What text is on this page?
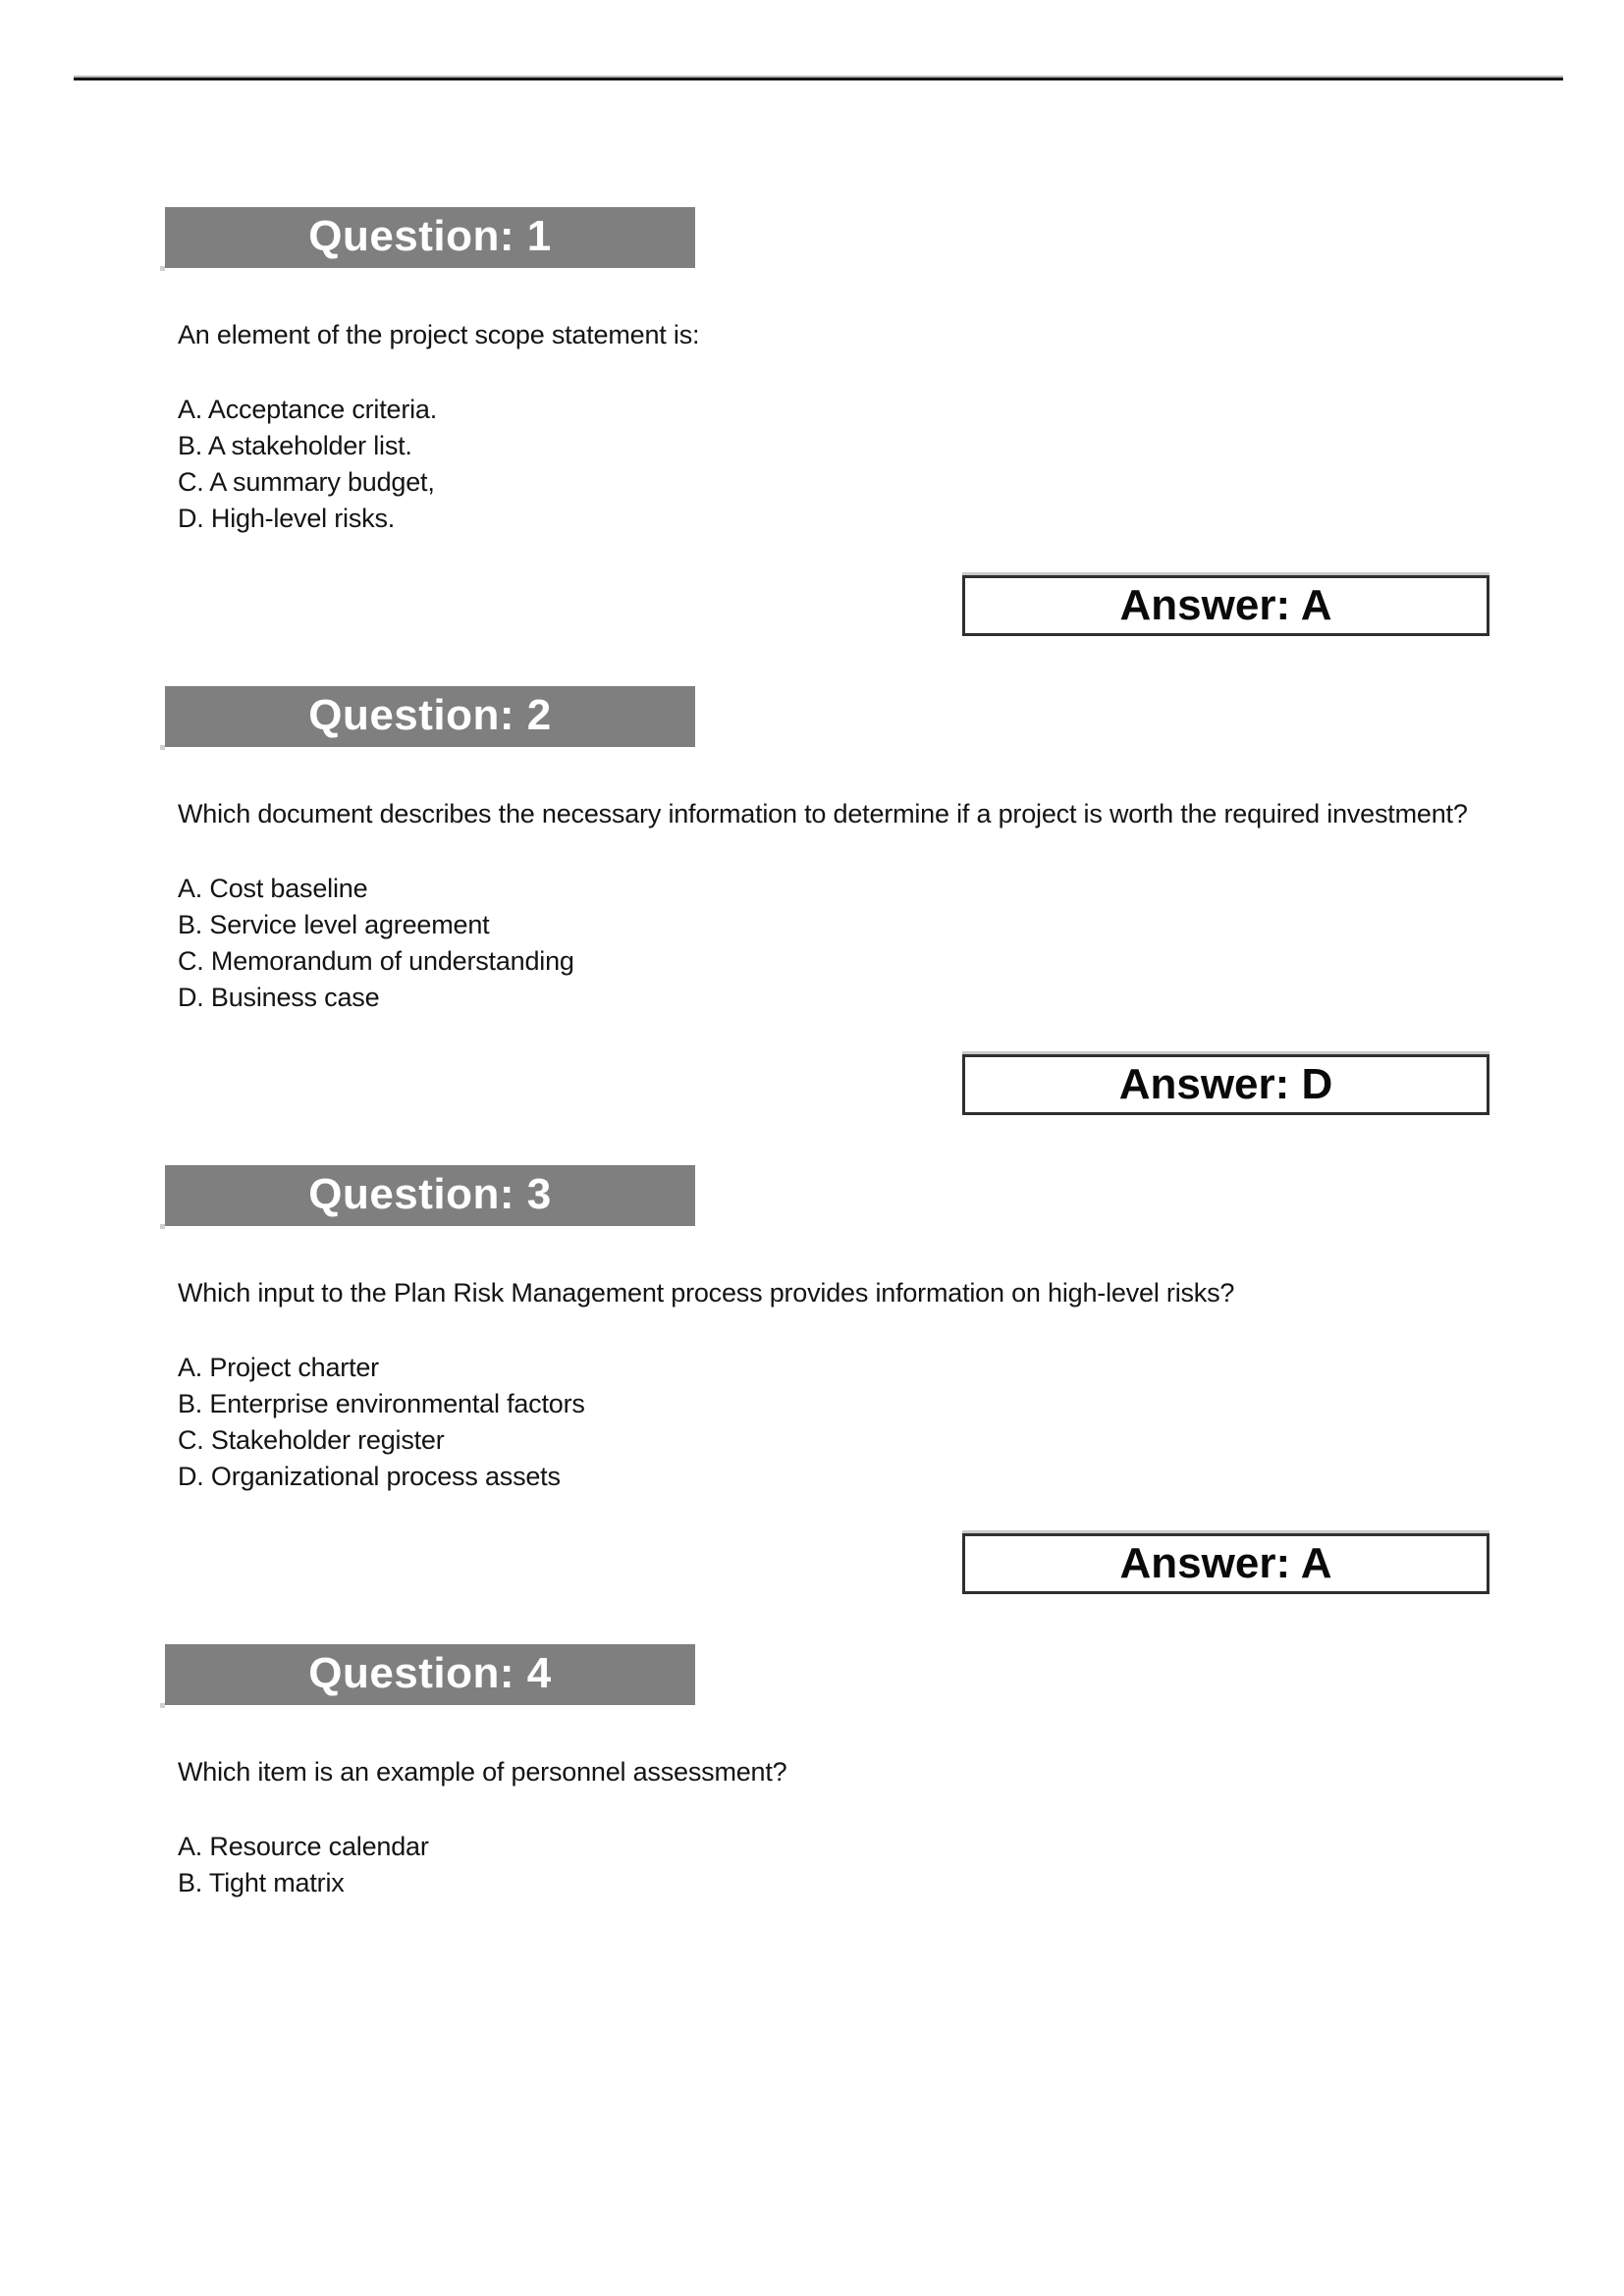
Question: 1

An element of the project scope statement is:

A. Acceptance criteria.
B. A stakeholder list.
C. A summary budget,
D. High-level risks.
Answer: A
Question: 2

Which document describes the necessary information to determine if a project is worth the required investment?

A. Cost baseline
B. Service level agreement
C. Memorandum of understanding
D. Business case
Answer: D
Question: 3

Which input to the Plan Risk Management process provides information on high-level risks?

A. Project charter
B. Enterprise environmental factors
C. Stakeholder register
D. Organizational process assets
Answer: A
Question: 4

Which item is an example of personnel assessment?

A. Resource calendar
B. Tight matrix
